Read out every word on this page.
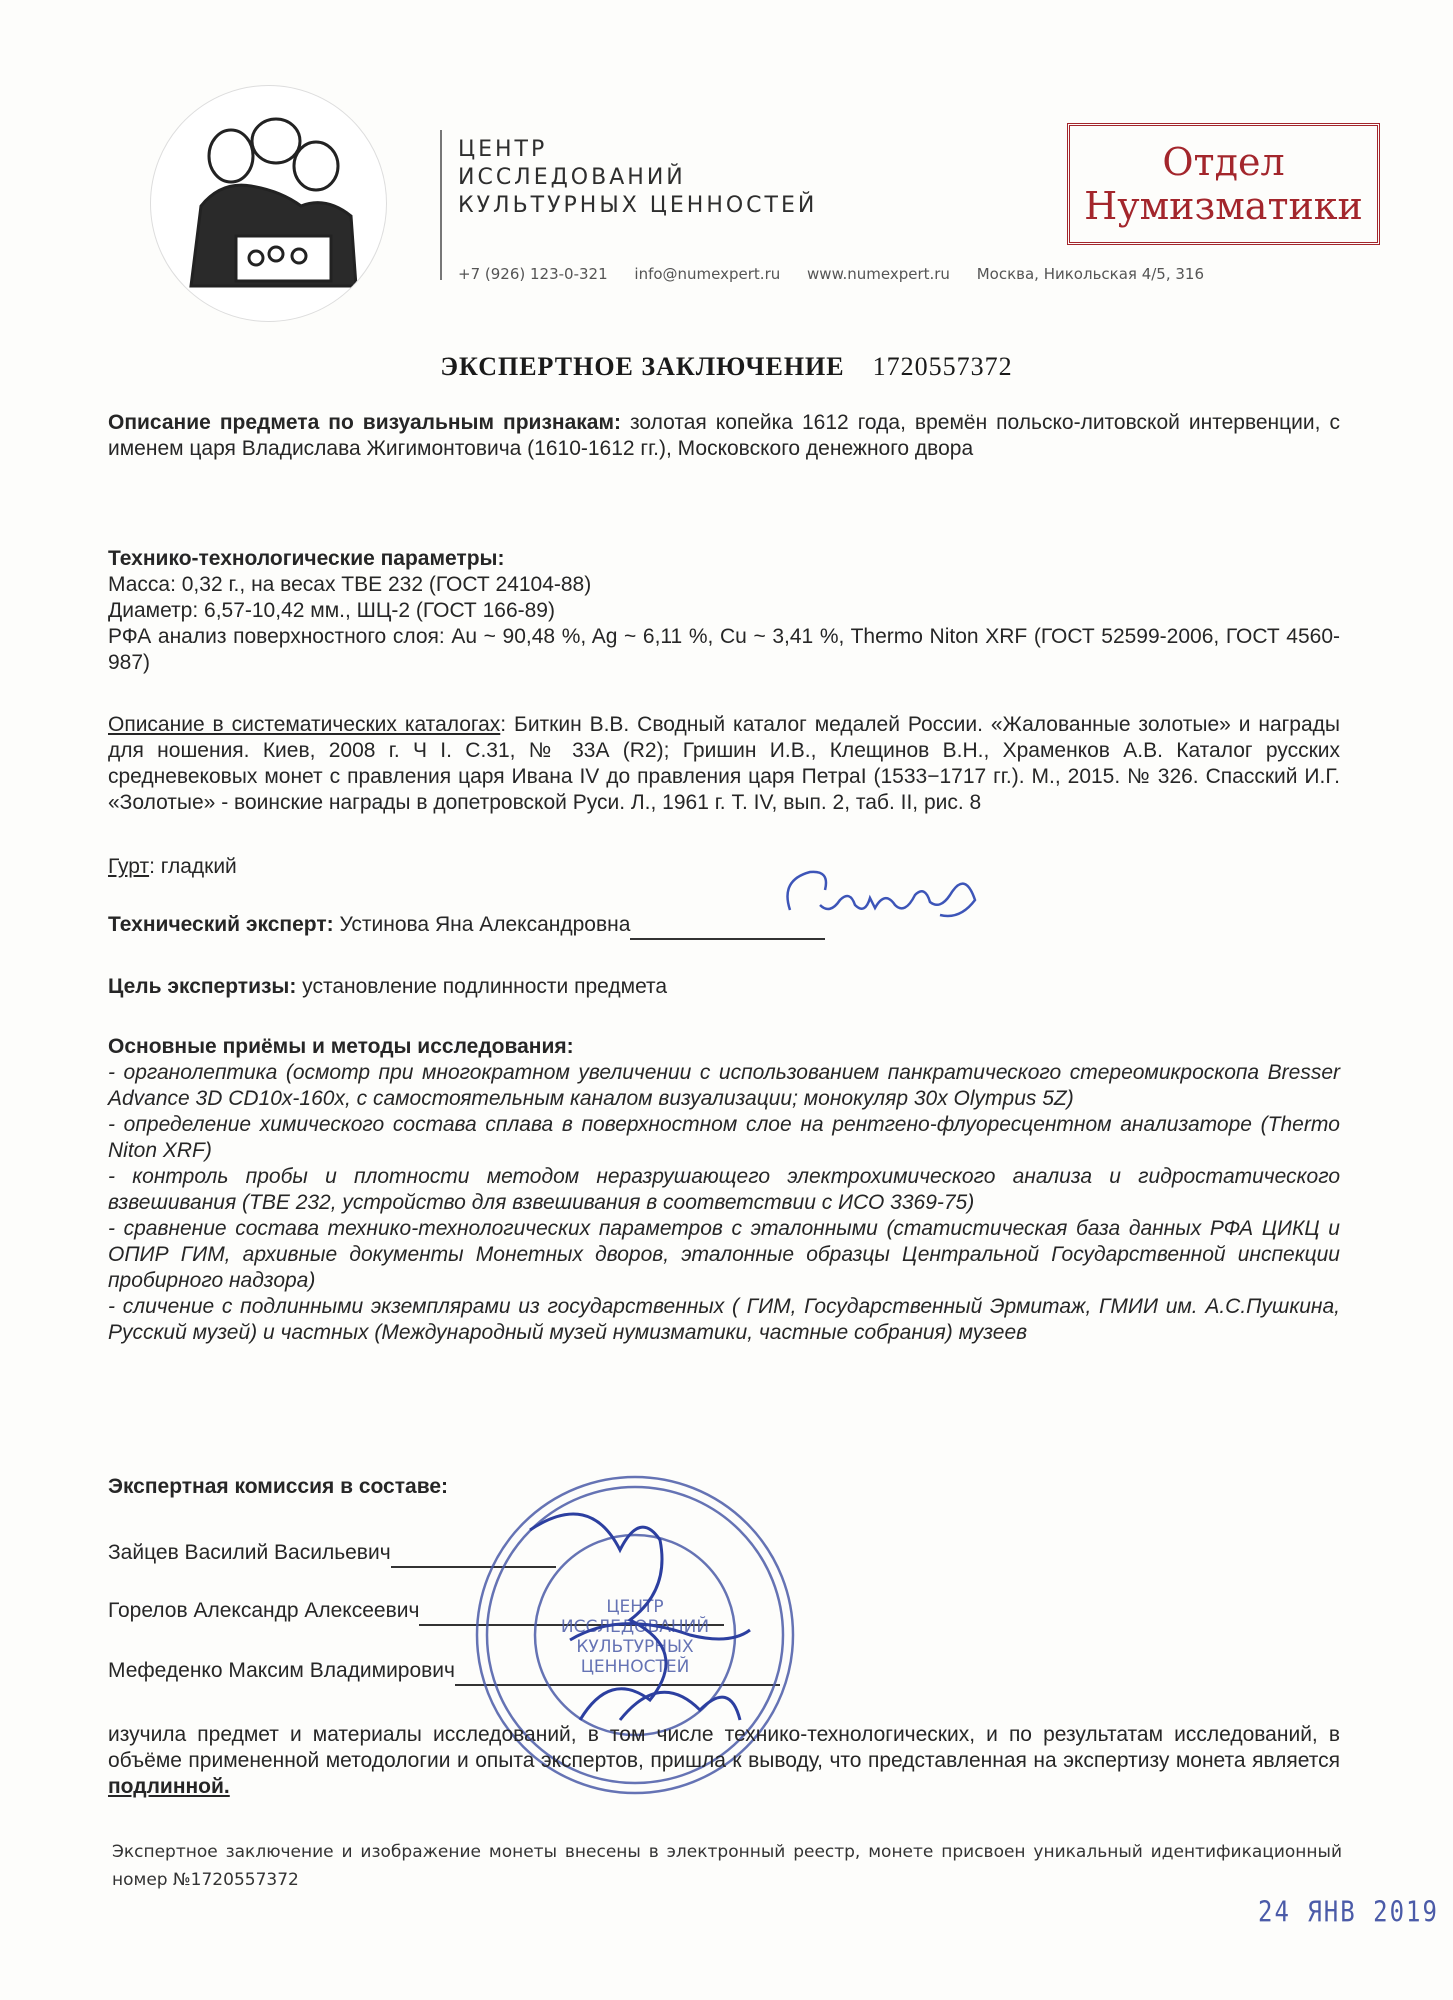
ЦЕНТР
ИССЛЕДОВАНИЙ
КУЛЬТУРНЫХ ЦЕННОСТЕЙ
+7 (926) 123-0-321 info@numexpert.ru www.numexpert.ru Москва, Никольская 4/5, 316
Отдел
Нумизматики
ЭКСПЕРТНОЕ ЗАКЛЮЧЕНИЕ 1720557372
Описание предмета по визуальным признакам: золотая копейка 1612 года, времён польско-литовской интервенции, с именем царя Владислава Жигимонтовича (1610-1612 гг.), Московского денежного двора
Технико-технологические параметры:
Масса: 0,32 г., на весах ТВЕ 232 (ГОСТ 24104-88)
Диаметр: 6,57-10,42 мм., ШЦ-2 (ГОСТ 166-89)
РФА анализ поверхностного слоя: Au ~ 90,48 %, Ag ~ 6,11 %, Cu ~ 3,41 %, Thermo Niton XRF (ГОСТ 52599-2006, ГОСТ 4560-987)
Описание в систематических каталогах: Биткин В.В. Сводный каталог медалей России. «Жалованные золотые» и награды для ношения. Киев, 2008 г. Ч I. С.31, № 33А (R2); Гришин И.В., Клещинов В.Н., Храменков А.В. Каталог русских средневековых монет с правления царя Ивана IV до правления царя ПетраI (1533−1717 гг.). М., 2015. № 326. Спасский И.Г. «Золотые» - воинские награды в допетровской Руси. Л., 1961 г. Т. IV, вып. 2, таб. II, рис. 8
Гурт: гладкий
Технический эксперт: Устинова Яна Александровна
Цель экспертизы: установление подлинности предмета
Основные приёмы и методы исследования:
- органолептика (осмотр при многократном увеличении с использованием панкратического стереомикроскопа Bresser Advance 3D CD10x-160x, с самостоятельным каналом визуализации; монокуляр 30x Olympus 5Z)
- определение химического состава сплава в поверхностном слое на рентгено-флуоресцентном анализаторе (Thermo Niton XRF)
- контроль пробы и плотности методом неразрушающего электрохимического анализа и гидростатического взвешивания (ТВЕ 232, устройство для взвешивания в соответствии с ИСО 3369-75)
- сравнение состава технико-технологических параметров с эталонными (статистическая база данных РФА ЦИКЦ и ОПИР ГИМ, архивные документы Монетных дворов, эталонные образцы Центральной Государственной инспекции пробирного надзора)
- сличение с подлинными экземплярами из государственных ( ГИМ, Государственный Эрмитаж, ГМИИ им. А.С.Пушкина, Русский музей) и частных (Международный музей нумизматики, частные собрания) музеев
Экспертная комиссия в составе:
Зайцев Василий Васильевич
Горелов Александр Алексеевич
Мефеденко Максим Владимирович
ЦЕНТР
ИССЛЕДОВАНИЙ
КУЛЬТУРНЫХ
ЦЕННОСТЕЙ
изучила предмет и материалы исследований, в том числе технико-технологических, и по результатам исследований, в объёме примененной методологии и опыта экспертов, пришла к выводу, что представленная на экспертизу монета является подлинной.
Экспертное заключение и изображение монеты внесены в электронный реестр, монете присвоен уникальный идентификационный номер №1720557372
24 ЯНВ 2019
